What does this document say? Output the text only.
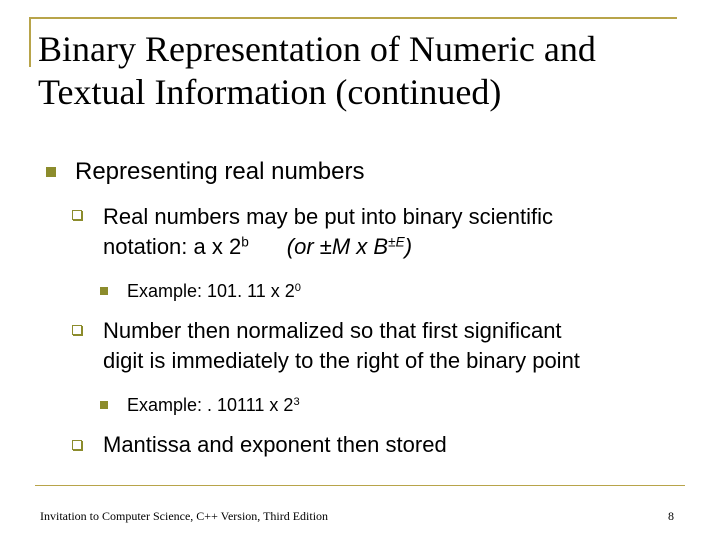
Binary Representation of Numeric and
Textual Information (continued)
Representing real numbers
Real numbers may be put into binary scientific
notation: a x 2$^b$ (or ±M x $B^{\pm E}$)
Example: 101. 11 x $2^0$
Number then normalized so that first significant
digit is immediately to the right of the binary point
Example: . 10111 x $2^3$
Mantissa and exponent then stored
Invitation to Computer Science, C++ Version, Third Edition	8
